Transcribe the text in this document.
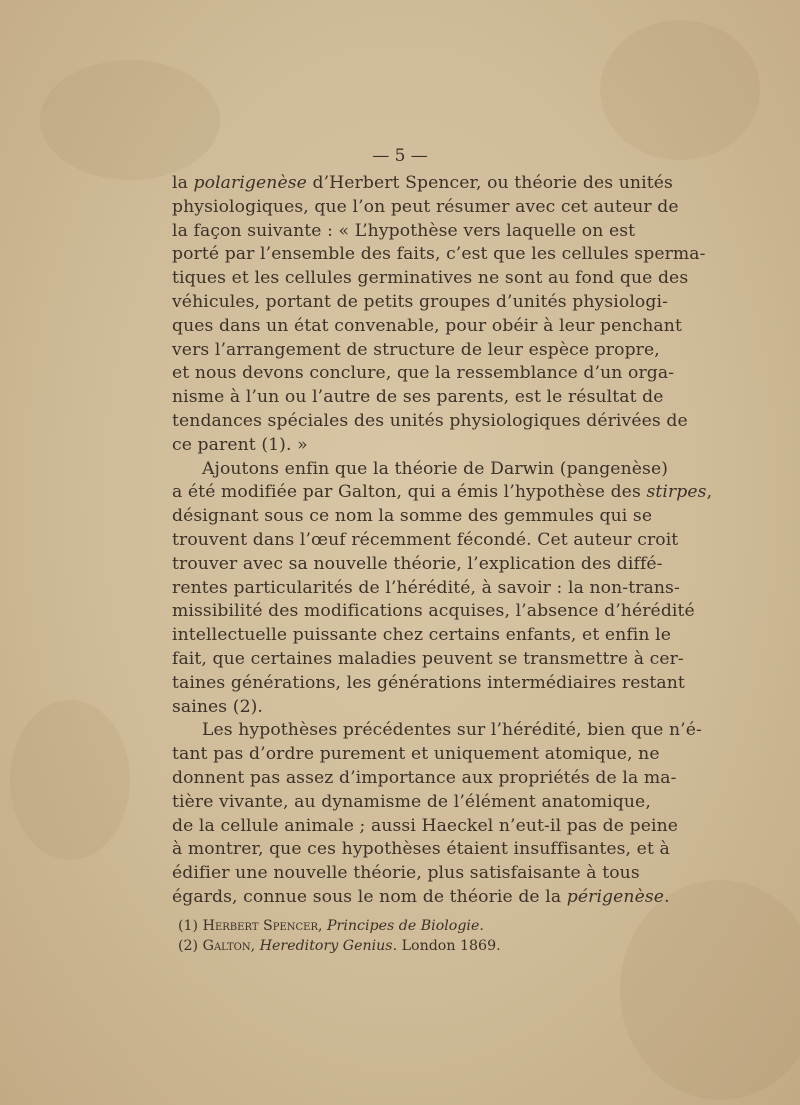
— 5 —
la polarigenèse d’Herbert Spencer, ou théorie des unités
physiologiques, que l’on peut résumer avec cet auteur de
la façon suivante : « L’hypothèse vers laquelle on est
porté par l’ensemble des faits, c’est que les cellules sperma-
tiques et les cellules germinatives ne sont au fond que des
véhicules, portant de petits groupes d’unités physiologi-
ques dans un état convenable, pour obéir à leur penchant
vers l’arrangement de structure de leur espèce propre,
et nous devons conclure, que la ressemblance d’un orga-
nisme à l’un ou l’autre de ses parents, est le résultat de
tendances spéciales des unités physiologiques dérivées de
ce parent (1). »
Ajoutons enfin que la théorie de Darwin (pangenèse)
a été modifiée par Galton, qui a émis l’hypothèse des stirpes,
désignant sous ce nom la somme des gemmules qui se
trouvent dans l’œuf récemment fécondé. Cet auteur croit
trouver avec sa nouvelle théorie, l’explication des diffé-
rentes particularités de l’hérédité, à savoir : la non-trans-
missibilité des modifications acquises, l’absence d’hérédité
intellectuelle puissante chez certains enfants, et enfin le
fait, que certaines maladies peuvent se transmettre à cer-
taines générations, les générations intermédiaires restant
saines (2).
Les hypothèses précédentes sur l’hérédité, bien que n’é-
tant pas d’ordre purement et uniquement atomique, ne
donnent pas assez d’importance aux propriétés de la ma-
tière vivante, au dynamisme de l’élément anatomique,
de la cellule animale ; aussi Haeckel n’eut-il pas de peine
à montrer, que ces hypothèses étaient insuffisantes, et à
édifier une nouvelle théorie, plus satisfaisante à tous
égards, connue sous le nom de théorie de la périgenèse.
(1) Herbert Spencer, Principes de Biologie.
(2) Galton, Hereditory Genius. London 1869.
